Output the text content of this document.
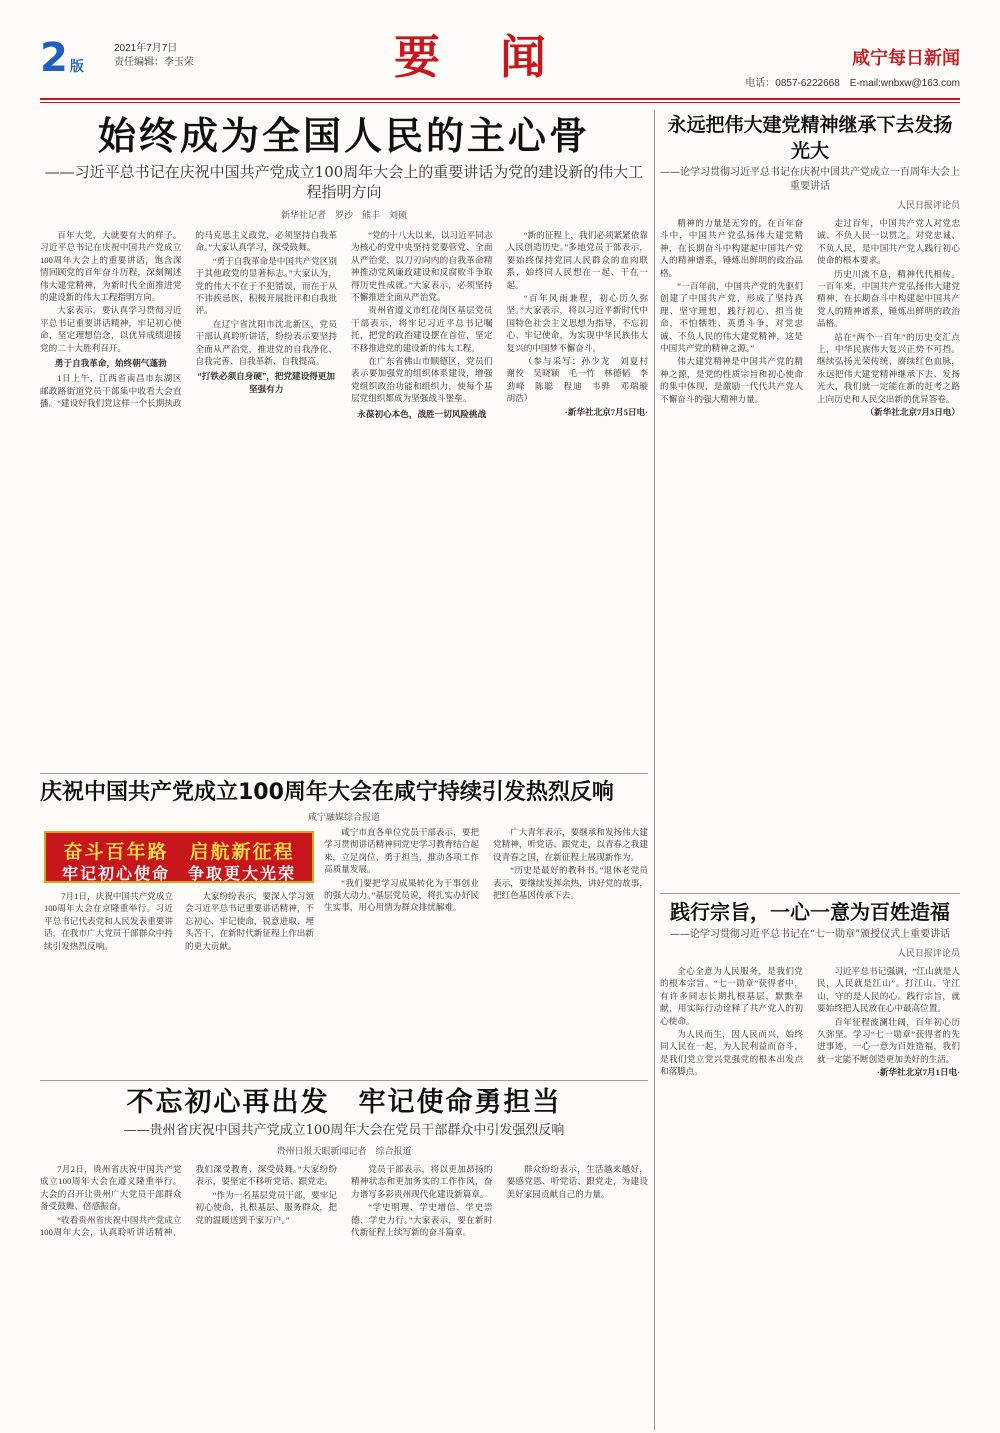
2 版
2021年7月7日
责任编辑：李玉荣	要闻	咸宁每日新闻
电话：0857-6222668　E-mail:wnbxw@163.com
始终成为全国人民的主心骨
——习近平总书记在庆祝中国共产党成立100周年大会上的重要讲话为党的建设新的伟大工程指明方向
新华社记者　罗沙　熊丰　刘硕

百年大党，大就要有大的样子。习近平总书记在庆祝中国共产党成立100周年大会上的重要讲话，饱含深情回顾党的百年奋斗历程，深刻阐述伟大建党精神，为新时代全面推进党的建设新的伟大工程指明方向。

大家表示，要认真学习贯彻习近平总书记重要讲话精神，牢记初心使命，坚定理想信念，以优异成绩迎接党的二十大胜利召开。

勇于自我革命，始终朝气蓬勃

1日上午，江西省南昌市东湖区邮政路街道党员干部集中收看大会直播。“建设好我们党这样一个长期执政的马克思主义政党，必须坚持自我革命。”大家认真学习，深受鼓舞。

“勇于自我革命是中国共产党区别于其他政党的显著标志。”大家认为，党的伟大不在于不犯错误，而在于从不讳疾忌医，积极开展批评和自我批评。

在辽宁省沈阳市沈北新区，党员干部认真聆听讲话，纷纷表示要坚持全面从严治党，推进党的自我净化、自我完善、自我革新、自我提高。

“打铁必须自身硬”，把党建设得更加坚强有力

“党的十八大以来，以习近平同志为核心的党中央坚持党要管党、全面从严治党，以刀刃向内的自我革命精神推动党风廉政建设和反腐败斗争取得历史性成就。”大家表示，必须坚持不懈推进全面从严治党。

贵州省遵义市红花岗区基层党员干部表示，将牢记习近平总书记嘱托，把党的政治建设摆在首位，坚定不移推进党的建设新的伟大工程。

在广东省佛山市顺德区，党员们表示要加强党的组织体系建设，增强党组织政治功能和组织力，使每个基层党组织都成为坚强战斗堡垒。

永葆初心本色，战胜一切风险挑战

“新的征程上，我们必须紧紧依靠人民创造历史。”多地党员干部表示，要始终保持党同人民群众的血肉联系，始终同人民想在一起、干在一起。

“百年风雨兼程，初心历久弥坚。”大家表示，将以习近平新时代中国特色社会主义思想为指导，不忘初心、牢记使命，为实现中华民族伟大复兴的中国梦不懈奋斗。

（参与采写：孙少龙　刘夏村　谢佼　吴晓颖　毛一竹　林德韬　李劲峰　陈聪　程迪　韦骅　邓瑞璇　胡浩）

·新华社北京7月5日电·

永远把伟大建党精神继承下去发扬光大
——论学习贯彻习近平总书记在庆祝中国共产党成立一百周年大会上重要讲话
人民日报评论员

精神的力量是无穷的。在百年奋斗中，中国共产党弘扬伟大建党精神，在长期奋斗中构建起中国共产党人的精神谱系，锤炼出鲜明的政治品格。

“一百年前，中国共产党的先驱们创建了中国共产党，形成了坚持真理、坚守理想，践行初心、担当使命，不怕牺牲、英勇斗争，对党忠诚、不负人民的伟大建党精神，这是中国共产党的精神之源。”

伟大建党精神是中国共产党的精神之源，是党的性质宗旨和初心使命的集中体现，是激励一代代共产党人不懈奋斗的强大精神力量。

走过百年，中国共产党人对党忠诚、不负人民一以贯之。对党忠诚、不负人民，是中国共产党人践行初心使命的根本要求。

历史川流不息，精神代代相传。一百年来，中国共产党弘扬伟大建党精神，在长期奋斗中构建起中国共产党人的精神谱系，锤炼出鲜明的政治品格。

站在“两个一百年”的历史交汇点上，中华民族伟大复兴正势不可挡。继续弘扬光荣传统、赓续红色血脉，永远把伟大建党精神继承下去、发扬光大，我们就一定能在新的赶考之路上向历史和人民交出新的优异答卷。

（新华社北京7月3日电）

践行宗旨，一心一意为百姓造福
——论学习贯彻习近平总书记在“七一勋章”颁授仪式上重要讲话
人民日报评论员

全心全意为人民服务，是我们党的根本宗旨。“七一勋章”获得者中，有许多同志长期扎根基层，默默奉献，用实际行动诠释了共产党人的初心使命。

为人民而生，因人民而兴，始终同人民在一起，为人民利益而奋斗，是我们党立党兴党强党的根本出发点和落脚点。

习近平总书记强调，“江山就是人民，人民就是江山”。打江山、守江山，守的是人民的心。践行宗旨，就要始终把人民放在心中最高位置。

百年征程波澜壮阔，百年初心历久弥坚。学习“七一勋章”获得者的先进事迹，一心一意为百姓造福，我们就一定能不断创造更加美好的生活。

·新华社北京7月1日电·

庆祝中国共产党成立100周年大会在咸宁持续引发热烈反响
咸宁融媒综合报道

咸宁市直各单位党员干部表示，要把学习贯彻讲话精神同党史学习教育结合起来，立足岗位、勇于担当，推动各项工作高质量发展。

“我们要把学习成果转化为干事创业的强大动力。”基层党员说，将扎实办好民生实事，用心用情为群众排忧解难。

广大青年表示，要继承和发扬伟大建党精神，听党话、跟党走，以青春之我建设青春之国，在新征程上展现新作为。

“历史是最好的教科书。”退休老党员表示，要继续发挥余热，讲好党的故事，把红色基因传承下去。

7月1日，庆祝中国共产党成立100周年大会在京隆重举行。习近平总书记代表党和人民发表重要讲话，在我市广大党员干部群众中持续引发热烈反响。

大家纷纷表示，要深入学习领会习近平总书记重要讲话精神，不忘初心、牢记使命，锐意进取、埋头苦干，在新时代新征程上作出新的更大贡献。

奋斗百年路　启航新征程
牢记初心使命　争取更大光荣
不忘初心再出发　牢记使命勇担当
——贵州省庆祝中国共产党成立100周年大会在党员干部群众中引发强烈反响
贵州日报天眼新闻记者　综合报道

7月2日，贵州省庆祝中国共产党成立100周年大会在遵义隆重举行。大会的召开让贵州广大党员干部群众备受鼓舞、倍感振奋。

“收看贵州省庆祝中国共产党成立100周年大会，认真聆听讲话精神，我们深受教育、深受鼓舞。”大家纷纷表示，要坚定不移听党话、跟党走。

“作为一名基层党员干部，要牢记初心使命，扎根基层、服务群众，把党的温暖送到千家万户。”

党员干部表示，将以更加昂扬的精神状态和更加务实的工作作风，奋力谱写多彩贵州现代化建设新篇章。

“学史明理、学史增信、学史崇德、学史力行。”大家表示，要在新时代新征程上续写新的奋斗篇章。

群众纷纷表示，生活越来越好，要感党恩、听党话、跟党走，为建设美好家园贡献自己的力量。
